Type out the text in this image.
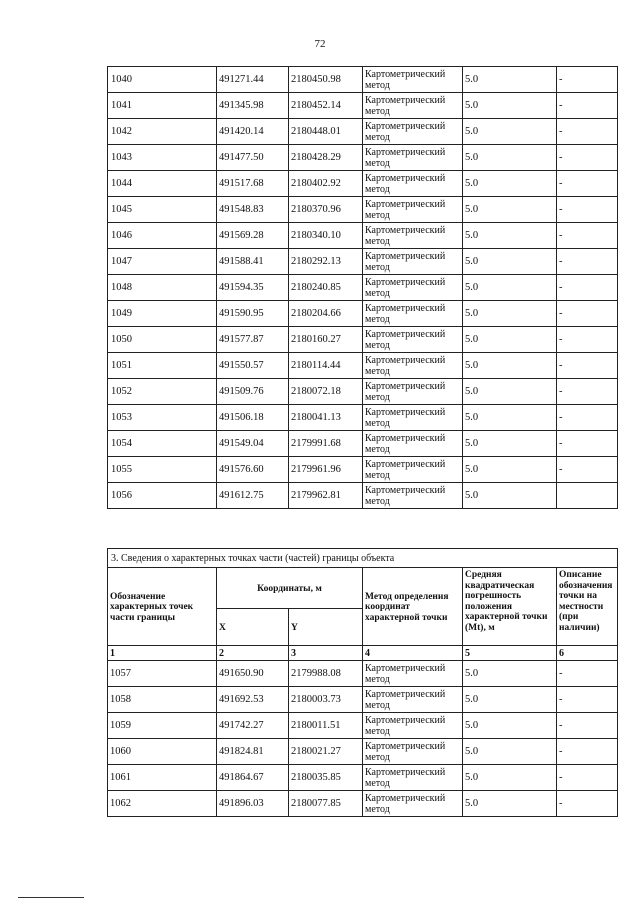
72
1040	491271.44	2180450.98	Картометрический метод	5.0	-
1041	491345.98	2180452.14	Картометрический метод	5.0	-
1042	491420.14	2180448.01	Картометрический метод	5.0	-
1043	491477.50	2180428.29	Картометрический метод	5.0	-
1044	491517.68	2180402.92	Картометрический метод	5.0	-
1045	491548.83	2180370.96	Картометрический метод	5.0	-
1046	491569.28	2180340.10	Картометрический метод	5.0	-
1047	491588.41	2180292.13	Картометрический метод	5.0	-
1048	491594.35	2180240.85	Картометрический метод	5.0	-
1049	491590.95	2180204.66	Картометрический метод	5.0	-
1050	491577.87	2180160.27	Картометрический метод	5.0	-
1051	491550.57	2180114.44	Картометрический метод	5.0	-
1052	491509.76	2180072.18	Картометрический метод	5.0	-
1053	491506.18	2180041.13	Картометрический метод	5.0	-
1054	491549.04	2179991.68	Картометрический метод	5.0	-
1055	491576.60	2179961.96	Картометрический метод	5.0	-
1056	491612.75	2179962.81	Картометрический метод	5.0	
3. Сведения о характерных точках части (частей) границы объекта					
Обозначение характерных точек части границы	Координаты, м		Метод определения координат характерной точки	Средняя квадратическая погрешность положения характерной точки (Mt), м	Описание обозначения точки на местности (при наличии)
	X	Y			
1	2	3	4	5	6
1057	491650.90	2179988.08	Картометрический метод	5.0	-
1058	491692.53	2180003.73	Картометрический метод	5.0	-
1059	491742.27	2180011.51	Картометрический метод	5.0	-
1060	491824.81	2180021.27	Картометрический метод	5.0	-
1061	491864.67	2180035.85	Картометрический метод	5.0	-
1062	491896.03	2180077.85	Картометрический метод	5.0	-
